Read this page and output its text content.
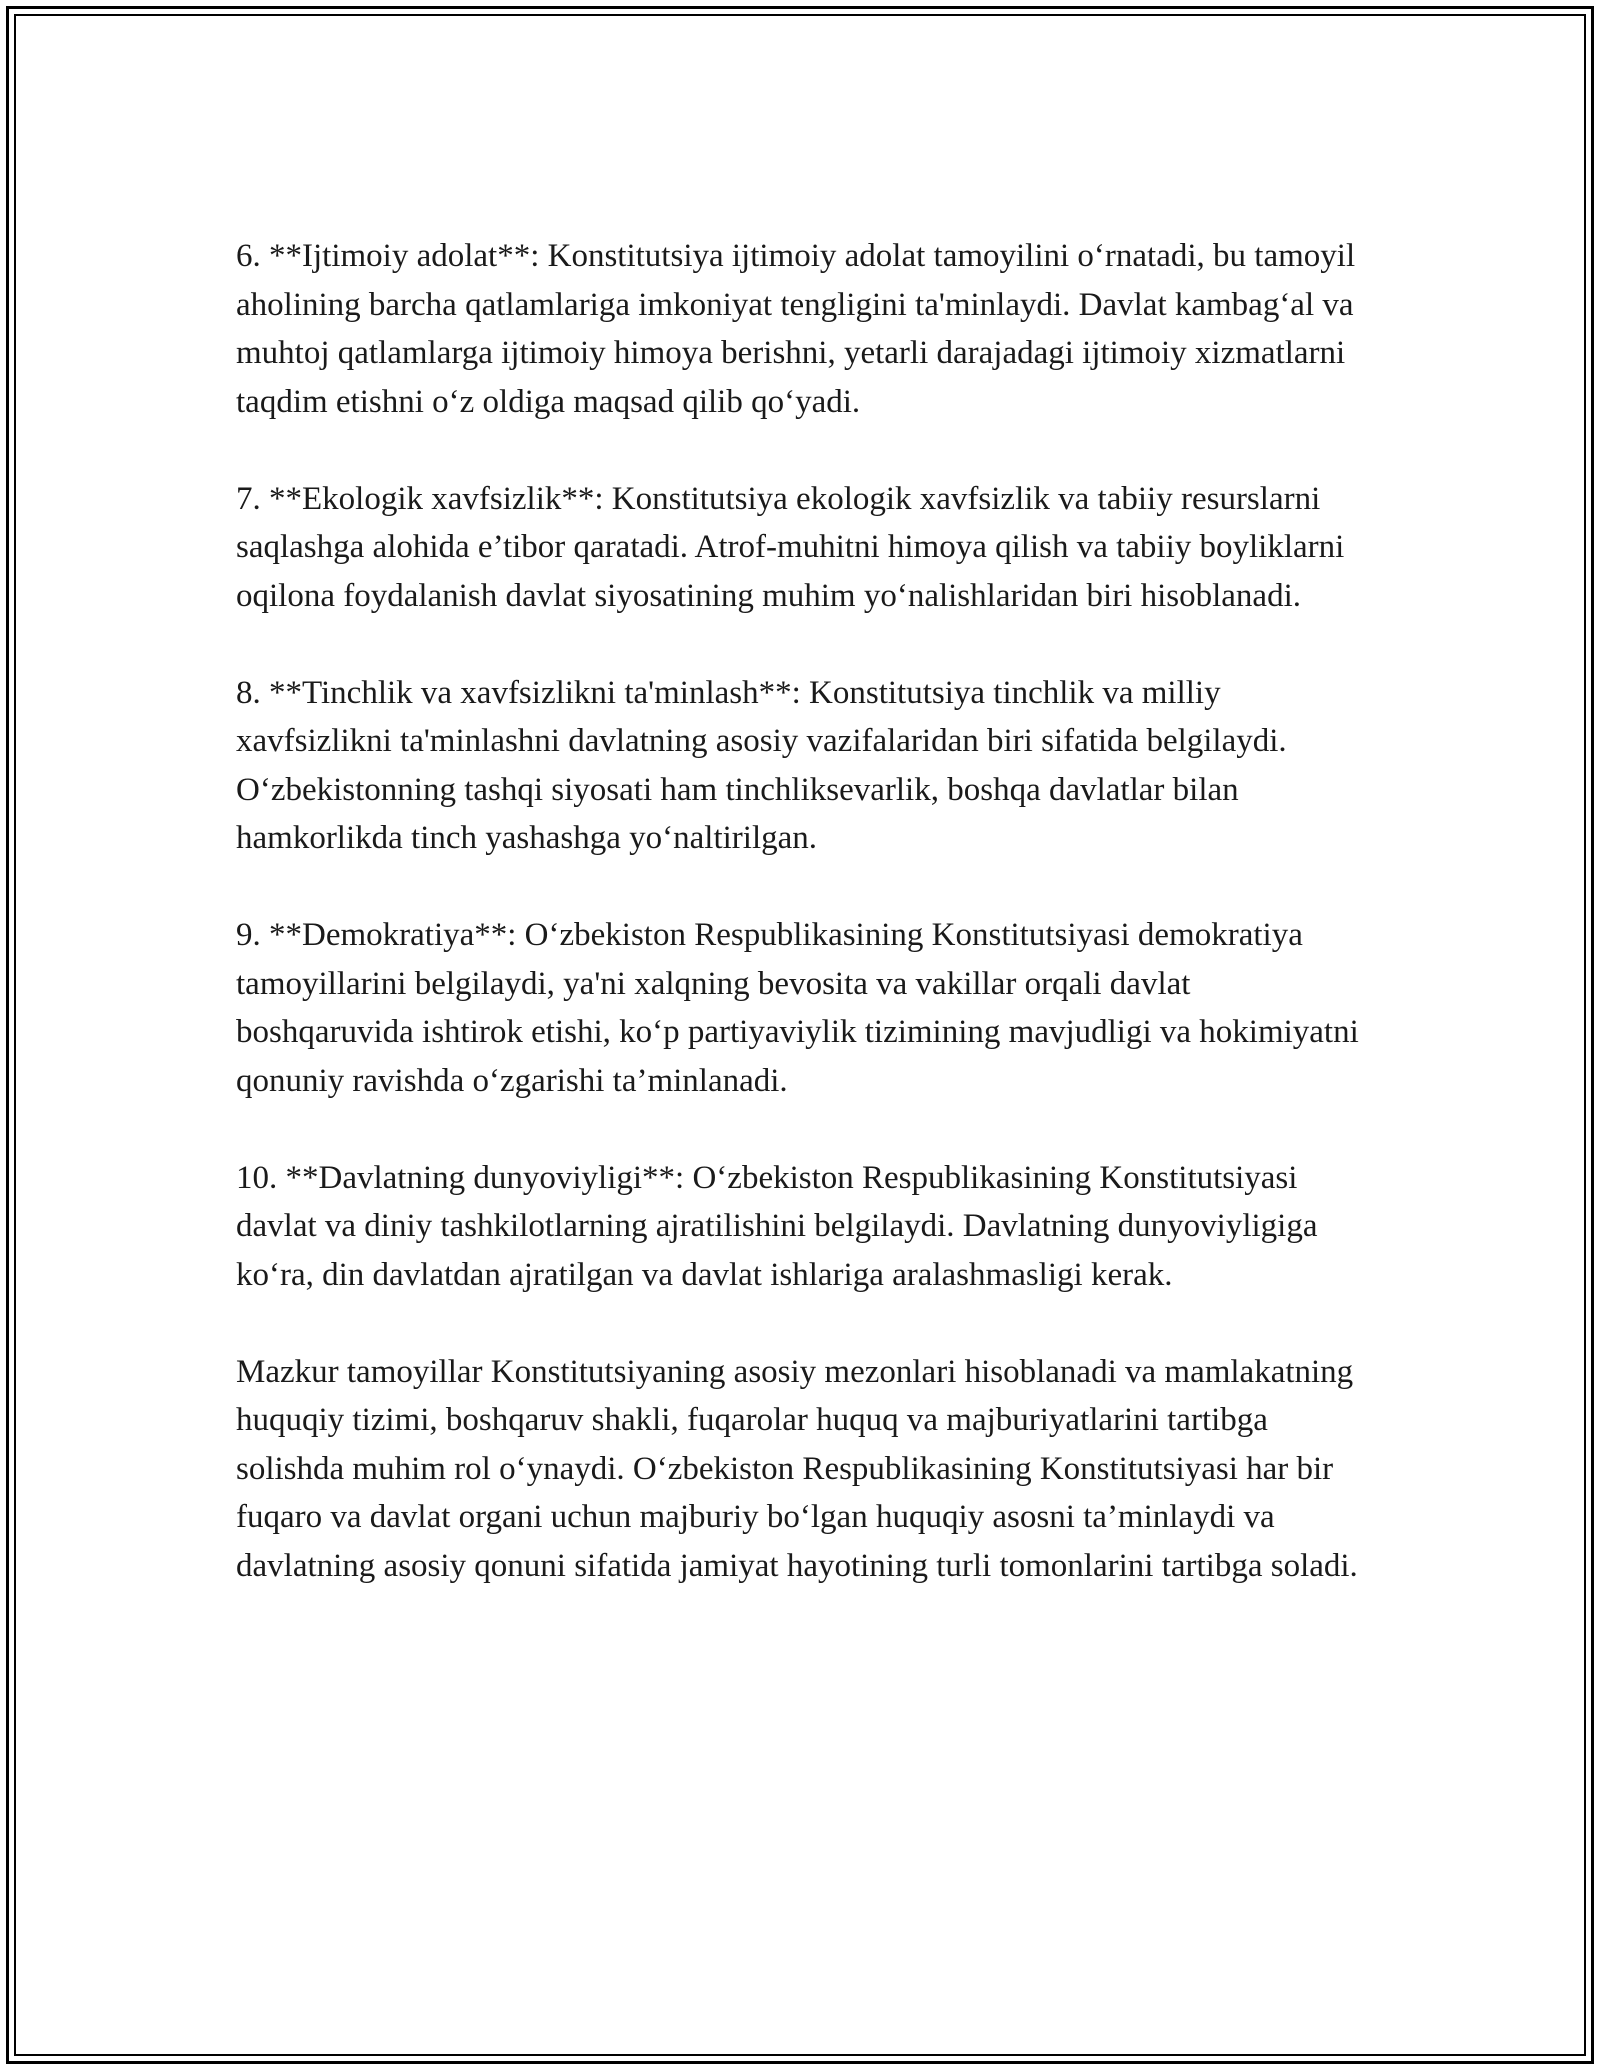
6. **Ijtimoiy adolat**: Konstitutsiya ijtimoiy adolat tamoyilini o‘rnatadi, bu tamoyil aholining barcha qatlamlariga imkoniyat tengligini ta'minlaydi. Davlat kambag‘al va muhtoj qatlamlarga ijtimoiy himoya berishni, yetarli darajadagi ijtimoiy xizmatlarni taqdim etishni o‘z oldiga maqsad qilib qo‘yadi.

7. **Ekologik xavfsizlik**: Konstitutsiya ekologik xavfsizlik va tabiiy resurslarni saqlashga alohida e’tibor qaratadi. Atrof-muhitni himoya qilish va tabiiy boyliklarni oqilona foydalanish davlat siyosatining muhim yo‘nalishlaridan biri hisoblanadi.

8. **Tinchlik va xavfsizlikni ta'minlash**: Konstitutsiya tinchlik va milliy xavfsizlikni ta'minlashni davlatning asosiy vazifalaridan biri sifatida belgilaydi. O‘zbekistonning tashqi siyosati ham tinchliksevarlik, boshqa davlatlar bilan hamkorlikda tinch yashashga yo‘naltirilgan.

9. **Demokratiya**: O‘zbekiston Respublikasining Konstitutsiyasi demokratiya tamoyillarini belgilaydi, ya'ni xalqning bevosita va vakillar orqali davlat boshqaruvida ishtirok etishi, ko‘p partiyaviylik tizimining mavjudligi va hokimiyatni qonuniy ravishda o‘zgarishi ta’minlanadi.

10. **Davlatning dunyoviyligi**: O‘zbekiston Respublikasining Konstitutsiyasi davlat va diniy tashkilotlarning ajratilishini belgilaydi. Davlatning dunyoviyligiga ko‘ra, din davlatdan ajratilgan va davlat ishlariga aralashmasligi kerak.

Mazkur tamoyillar Konstitutsiyaning asosiy mezonlari hisoblanadi va mamlakatning huquqiy tizimi, boshqaruv shakli, fuqarolar huquq va majburiyatlarini tartibga solishda muhim rol o‘ynaydi. O‘zbekiston Respublikasining Konstitutsiyasi har bir fuqaro va davlat organi uchun majburiy bo‘lgan huquqiy asosni ta’minlaydi va davlatning asosiy qonuni sifatida jamiyat hayotining turli tomonlarini tartibga soladi.
